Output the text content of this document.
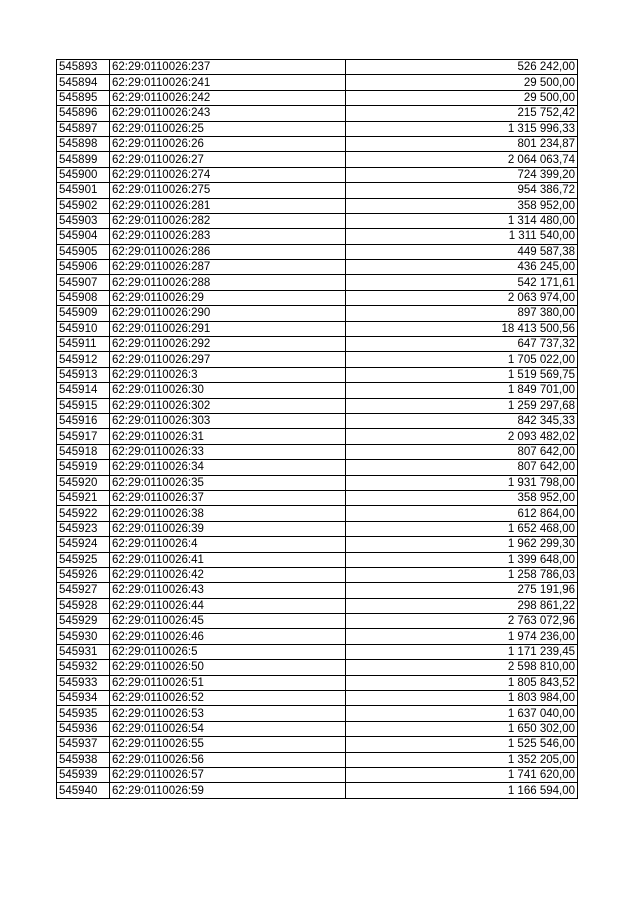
545893	62:29:0110026:237	526 242,00
545894	62:29:0110026:241	29 500,00
545895	62:29:0110026:242	29 500,00
545896	62:29:0110026:243	215 752,42
545897	62:29:0110026:25	1 315 996,33
545898	62:29:0110026:26	801 234,87
545899	62:29:0110026:27	2 064 063,74
545900	62:29:0110026:274	724 399,20
545901	62:29:0110026:275	954 386,72
545902	62:29:0110026:281	358 952,00
545903	62:29:0110026:282	1 314 480,00
545904	62:29:0110026:283	1 311 540,00
545905	62:29:0110026:286	449 587,38
545906	62:29:0110026:287	436 245,00
545907	62:29:0110026:288	542 171,61
545908	62:29:0110026:29	2 063 974,00
545909	62:29:0110026:290	897 380,00
545910	62:29:0110026:291	18 413 500,56
545911	62:29:0110026:292	647 737,32
545912	62:29:0110026:297	1 705 022,00
545913	62:29:0110026:3	1 519 569,75
545914	62:29:0110026:30	1 849 701,00
545915	62:29:0110026:302	1 259 297,68
545916	62:29:0110026:303	842 345,33
545917	62:29:0110026:31	2 093 482,02
545918	62:29:0110026:33	807 642,00
545919	62:29:0110026:34	807 642,00
545920	62:29:0110026:35	1 931 798,00
545921	62:29:0110026:37	358 952,00
545922	62:29:0110026:38	612 864,00
545923	62:29:0110026:39	1 652 468,00
545924	62:29:0110026:4	1 962 299,30
545925	62:29:0110026:41	1 399 648,00
545926	62:29:0110026:42	1 258 786,03
545927	62:29:0110026:43	275 191,96
545928	62:29:0110026:44	298 861,22
545929	62:29:0110026:45	2 763 072,96
545930	62:29:0110026:46	1 974 236,00
545931	62:29:0110026:5	1 171 239,45
545932	62:29:0110026:50	2 598 810,00
545933	62:29:0110026:51	1 805 843,52
545934	62:29:0110026:52	1 803 984,00
545935	62:29:0110026:53	1 637 040,00
545936	62:29:0110026:54	1 650 302,00
545937	62:29:0110026:55	1 525 546,00
545938	62:29:0110026:56	1 352 205,00
545939	62:29:0110026:57	1 741 620,00
545940	62:29:0110026:59	1 166 594,00
